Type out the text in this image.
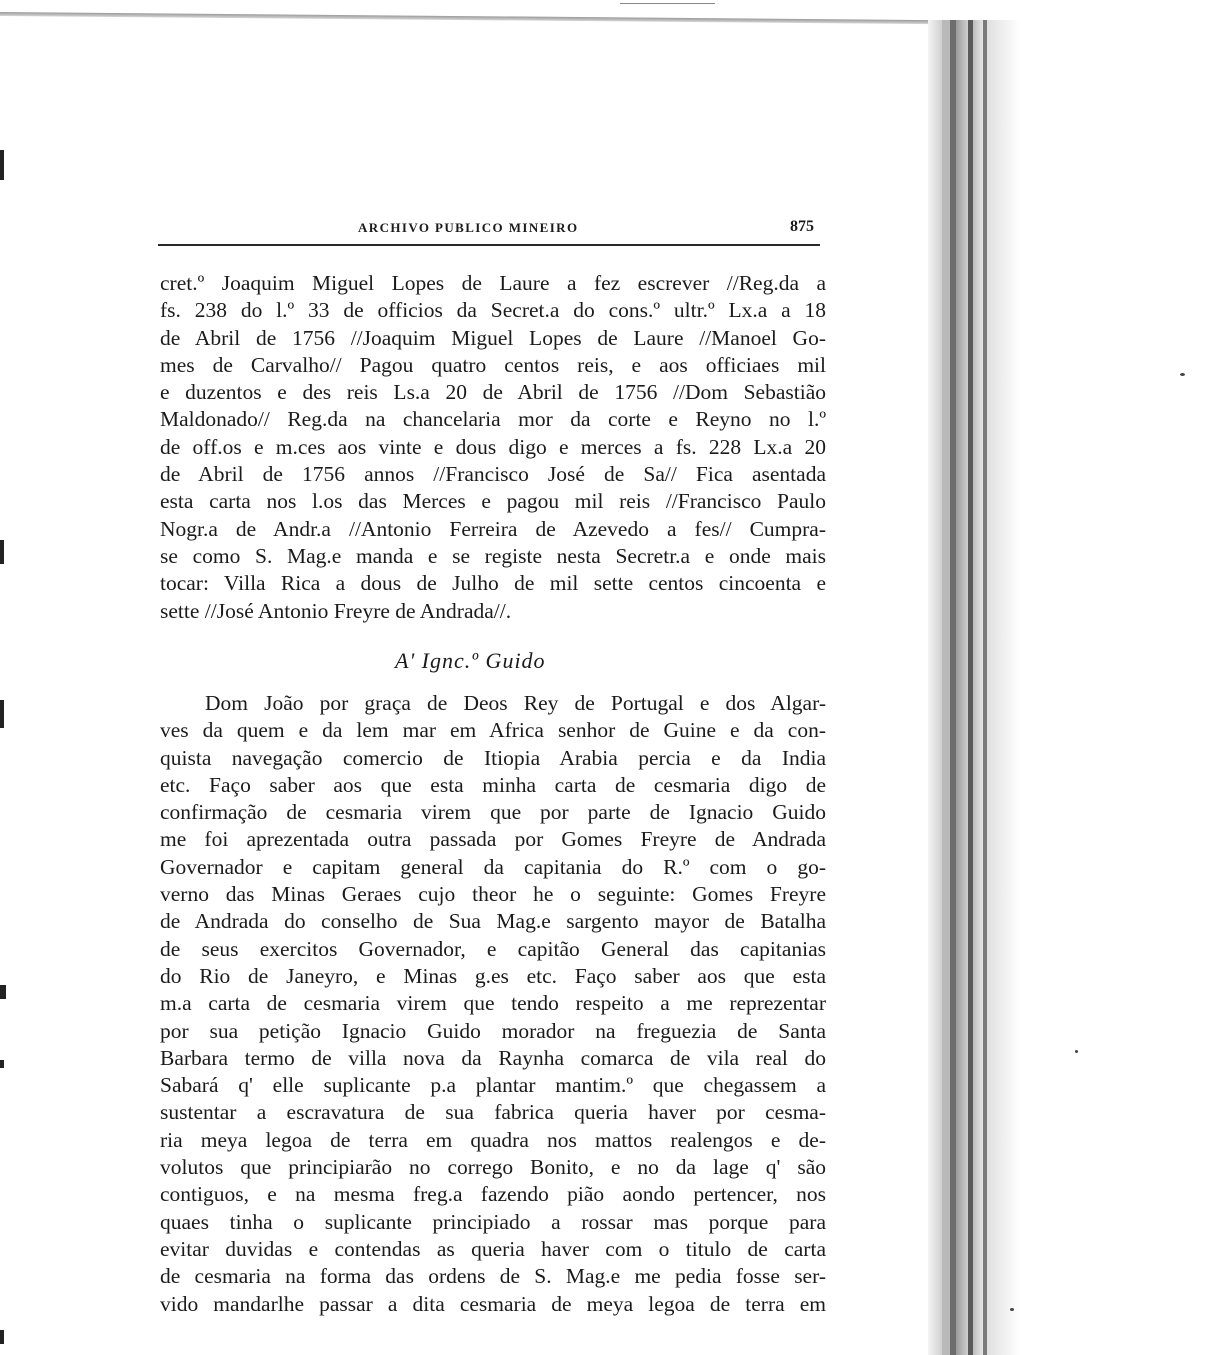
ARCHIVO PUBLICO MINEIRO	875
cret.º Joaquim Miguel Lopes de Laure a fez escrever //Reg.da a
fs. 238 do l.º 33 de officios da Secret.a do cons.º ultr.º Lx.a a 18
de Abril de 1756 //Joaquim Miguel Lopes de Laure //Manoel Go-
mes de Carvalho// Pagou quatro centos reis, e aos officiaes mil
e duzentos e des reis Ls.a 20 de Abril de 1756 //Dom Sebastião
Maldonado// Reg.da na chancelaria mor da corte e Reyno no l.º
de off.os e m.ces aos vinte e dous digo e merces a fs. 228 Lx.a 20
de Abril de 1756 annos //Francisco José de Sa// Fica asentada
esta carta nos l.os das Merces e pagou mil reis //Francisco Paulo
Nogr.a de Andr.a //Antonio Ferreira de Azevedo a fes// Cumpra-
se como S. Mag.e manda e se registe nesta Secretr.a e onde mais
tocar: Villa Rica a dous de Julho de mil sette centos cincoenta e
sette //José Antonio Freyre de Andrada//.
A' Ignc.º Guido
Dom João por graça de Deos Rey de Portugal e dos Algar-
ves da quem e da lem mar em Africa senhor de Guine e da con-
quista navegação comercio de Itiopia Arabia percia e da India
etc. Faço saber aos que esta minha carta de cesmaria digo de
confirmação de cesmaria virem que por parte de Ignacio Guido
me foi aprezentada outra passada por Gomes Freyre de Andrada
Governador e capitam general da capitania do R.º com o go-
verno das Minas Geraes cujo theor he o seguinte: Gomes Freyre
de Andrada do conselho de Sua Mag.e sargento mayor de Batalha
de seus exercitos Governador, e capitão General das capitanias
do Rio de Janeyro, e Minas g.es etc. Faço saber aos que esta
m.a carta de cesmaria virem que tendo respeito a me reprezentar
por sua petição Ignacio Guido morador na freguezia de Santa
Barbara termo de villa nova da Raynha comarca de vila real do
Sabará q' elle suplicante p.a plantar mantim.º que chegassem a
sustentar a escravatura de sua fabrica queria haver por cesma-
ria meya legoa de terra em quadra nos mattos realengos e de-
volutos que principiarão no corrego Bonito, e no da lage q' são
contiguos, e na mesma freg.a fazendo pião aondo pertencer, nos
quaes tinha o suplicante principiado a rossar mas porque para
evitar duvidas e contendas as queria haver com o titulo de carta
de cesmaria na forma das ordens de S. Mag.e me pedia fosse ser-
vido mandarlhe passar a dita cesmaria de meya legoa de terra em
